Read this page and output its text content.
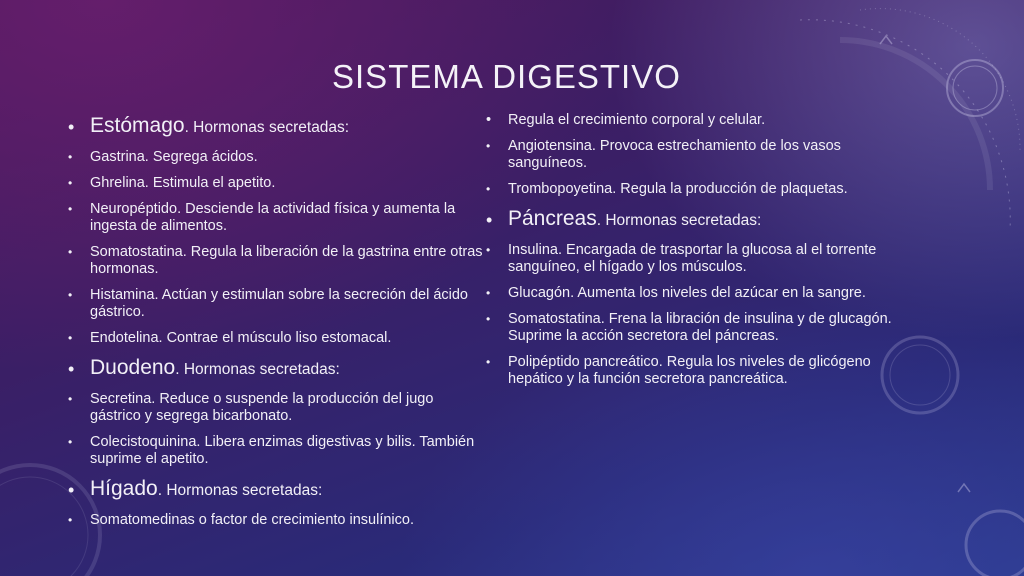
SISTEMA DIGESTIVO
• Estómago. Hormonas secretadas:
• Gastrina. Segrega ácidos.
• Ghrelina. Estimula el apetito.
• Neuropéptido. Desciende la actividad física y aumenta la ingesta de alimentos.
• Somatostatina. Regula la liberación de la gastrina entre otras hormonas.
• Histamina. Actúan y estimulan sobre la secreción del ácido gástrico.
• Endotelina. Contrae el músculo liso estomacal.
• Duodeno. Hormonas secretadas:
• Secretina. Reduce o suspende la producción del jugo gástrico y segrega bicarbonato.
• Colecistoquinina. Libera enzimas digestivas y bilis. También suprime el apetito.
• Hígado. Hormonas secretadas:
• Somatomedinas o factor de crecimiento insulínico.
• Regula el crecimiento corporal y celular.
• Angiotensina. Provoca estrechamiento de los vasos sanguíneos.
• Trombopoyetina. Regula la producción de plaquetas.
• Páncreas. Hormonas secretadas:
• Insulina. Encargada de trasportar la glucosa al el torrente sanguíneo, el hígado y los músculos.
• Glucagón. Aumenta los niveles del azúcar en la sangre.
• Somatostatina. Frena la libración de insulina y de glucagón. Suprime la acción secretora del páncreas.
• Polipéptido pancreático. Regula los niveles de glicógeno hepático y la función secretora pancreática.
